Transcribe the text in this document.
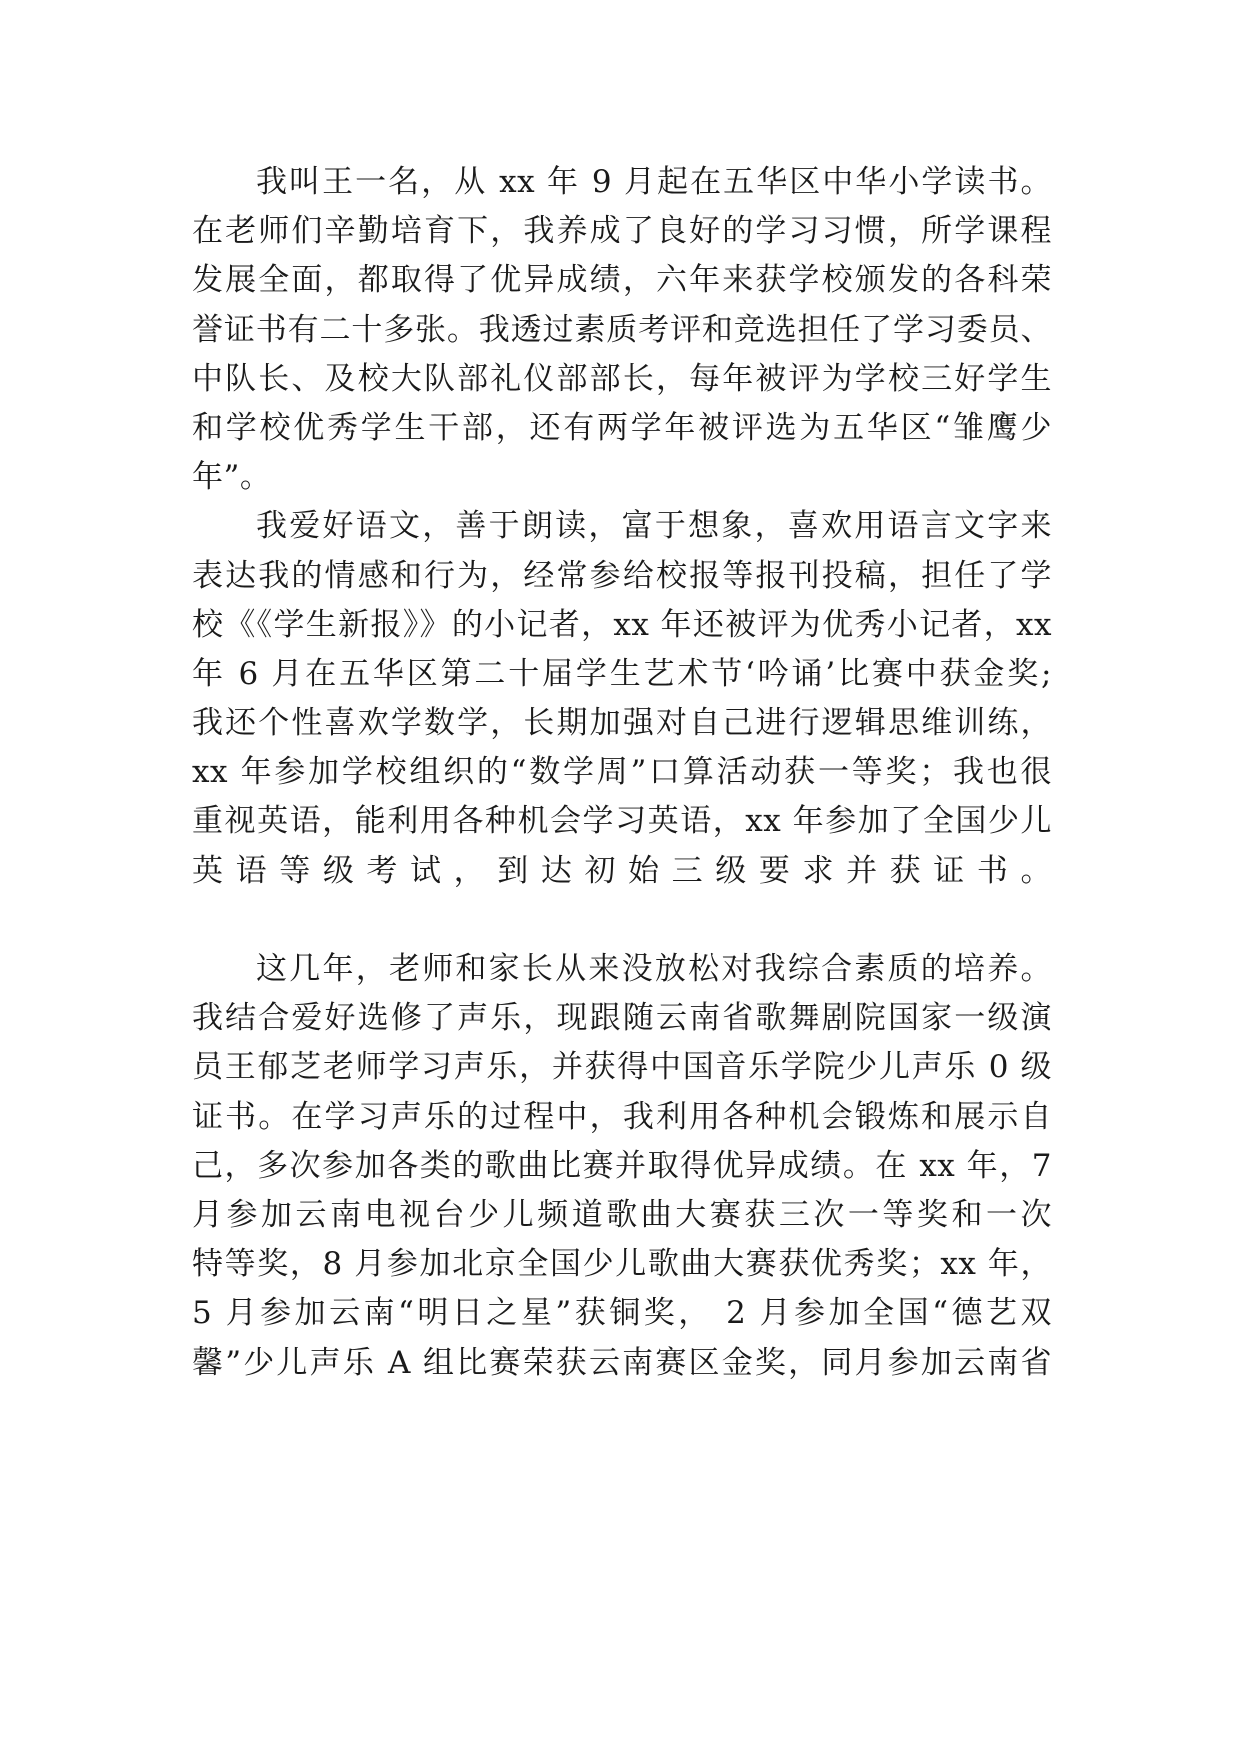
我叫王一名，从 xx 年 9 月起在五华区中华小学读书。
在老师们辛勤培育下，我养成了良好的学习习惯，所学课程
发展全面，都取得了优异成绩，六年来获学校颁发的各科荣
誉证书有二十多张。我透过素质考评和竞选担任了学习委员、
中队长、及校大队部礼仪部部长，每年被评为学校三好学生
和学校优秀学生干部，还有两学年被评选为五华区“雏鹰少
年”。
我爱好语文，善于朗读，富于想象，喜欢用语言文字来
表达我的情感和行为，经常参给校报等报刊投稿，担任了学
校《《学生新报》》的小记者，xx 年还被评为优秀小记者，xx
年 6 月在五华区第二十届学生艺术节‘吟诵’比赛中获金奖;
我还个性喜欢学数学，长期加强对自己进行逻辑思维训练，
xx 年参加学校组织的“数学周”口算活动获一等奖；我也很
重视英语，能利用各种机会学习英语，xx 年参加了全国少儿
英语等级考试，到达初始三级要求并获证书。
这几年，老师和家长从来没放松对我综合素质的培养。
我结合爱好选修了声乐，现跟随云南省歌舞剧院国家一级演
员王郁芝老师学习声乐，并获得中国音乐学院少儿声乐 0 级
证书。在学习声乐的过程中，我利用各种机会锻炼和展示自
己，多次参加各类的歌曲比赛并取得优异成绩。在 xx 年，7
月参加云南电视台少儿频道歌曲大赛获三次一等奖和一次
特等奖，8 月参加北京全国少儿歌曲大赛获优秀奖；xx 年，
5 月参加云南“明日之星”获铜奖， 2 月参加全国“德艺双
馨”少儿声乐 A 组比赛荣获云南赛区金奖，同月参加云南省
